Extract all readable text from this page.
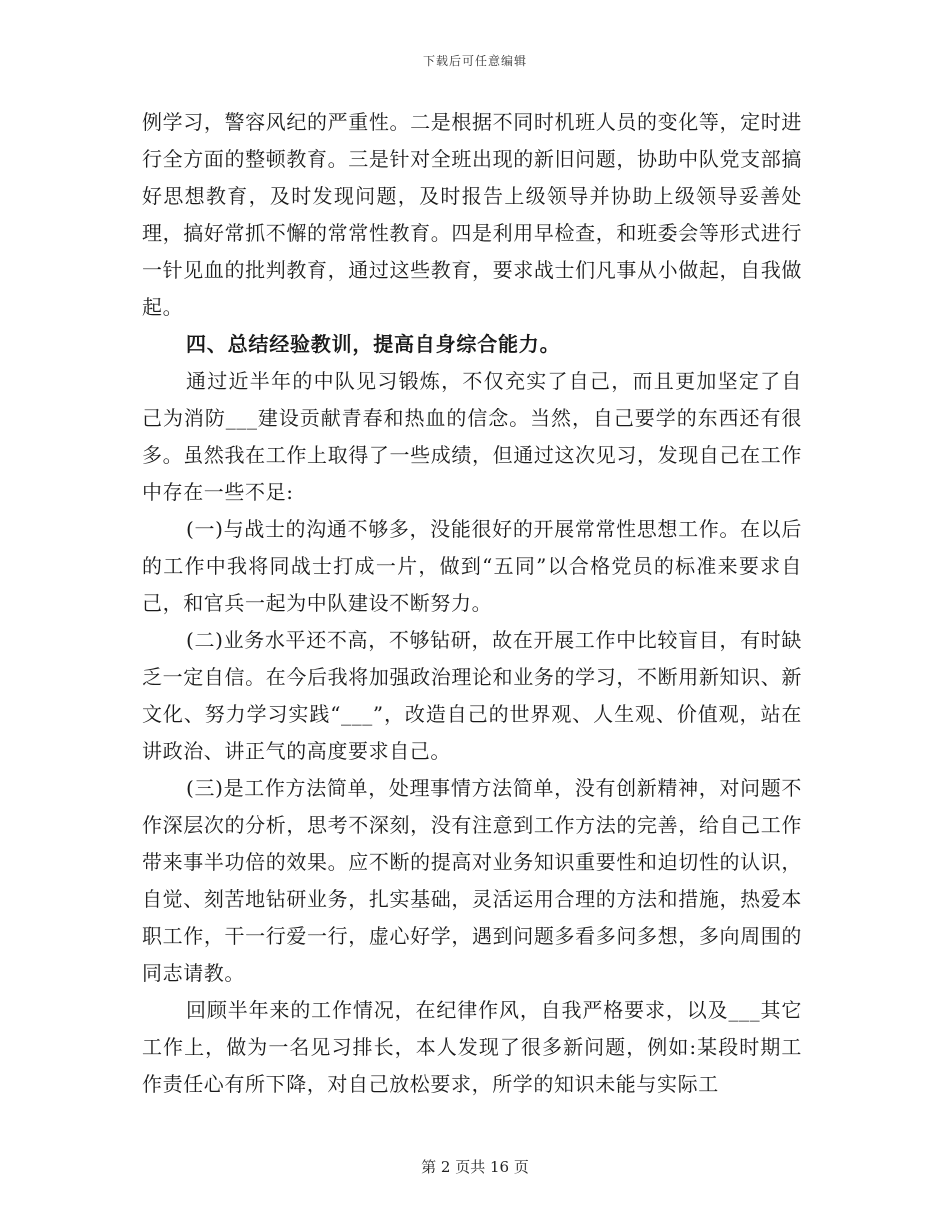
下载后可任意编辑

例学习，警容风纪的严重性。二是根据不同时机班人员的变化等，定时进行全方面的整顿教育。三是针对全班出现的新旧问题，协助中队党支部搞好思想教育，及时发现问题，及时报告上级领导并协助上级领导妥善处理，搞好常抓不懈的常常性教育。四是利用早检查，和班委会等形式进行一针见血的批判教育，通过这些教育，要求战士们凡事从小做起，自我做起。

四、总结经验教训，提高自身综合能力。

通过近半年的中队见习锻炼，不仅充实了自己，而且更加坚定了自己为消防___建设贡献青春和热血的信念。当然，自己要学的东西还有很多。虽然我在工作上取得了一些成绩，但通过这次见习，发现自己在工作中存在一些不足:

(一)与战士的沟通不够多，没能很好的开展常常性思想工作。在以后的工作中我将同战士打成一片，做到“五同”以合格党员的标准来要求自己，和官兵一起为中队建设不断努力。

(二)业务水平还不高，不够钻研，故在开展工作中比较盲目，有时缺乏一定自信。在今后我将加强政治理论和业务的学习，不断用新知识、新文化、努力学习实践“___”，改造自己的世界观、人生观、价值观，站在讲政治、讲正气的高度要求自己。

(三)是工作方法简单，处理事情方法简单，没有创新精神，对问题不作深层次的分析，思考不深刻，没有注意到工作方法的完善，给自己工作带来事半功倍的效果。应不断的提高对业务知识重要性和迫切性的认识，自觉、刻苦地钻研业务，扎实基础，灵活运用合理的方法和措施，热爱本职工作，干一行爱一行，虚心好学，遇到问题多看多问多想，多向周围的同志请教。

回顾半年来的工作情况，在纪律作风，自我严格要求，以及___其它工作上，做为一名见习排长，本人发现了很多新问题，例如:某段时期工作责任心有所下降，对自己放松要求，所学的知识未能与实际工

第 2 页共 16 页
